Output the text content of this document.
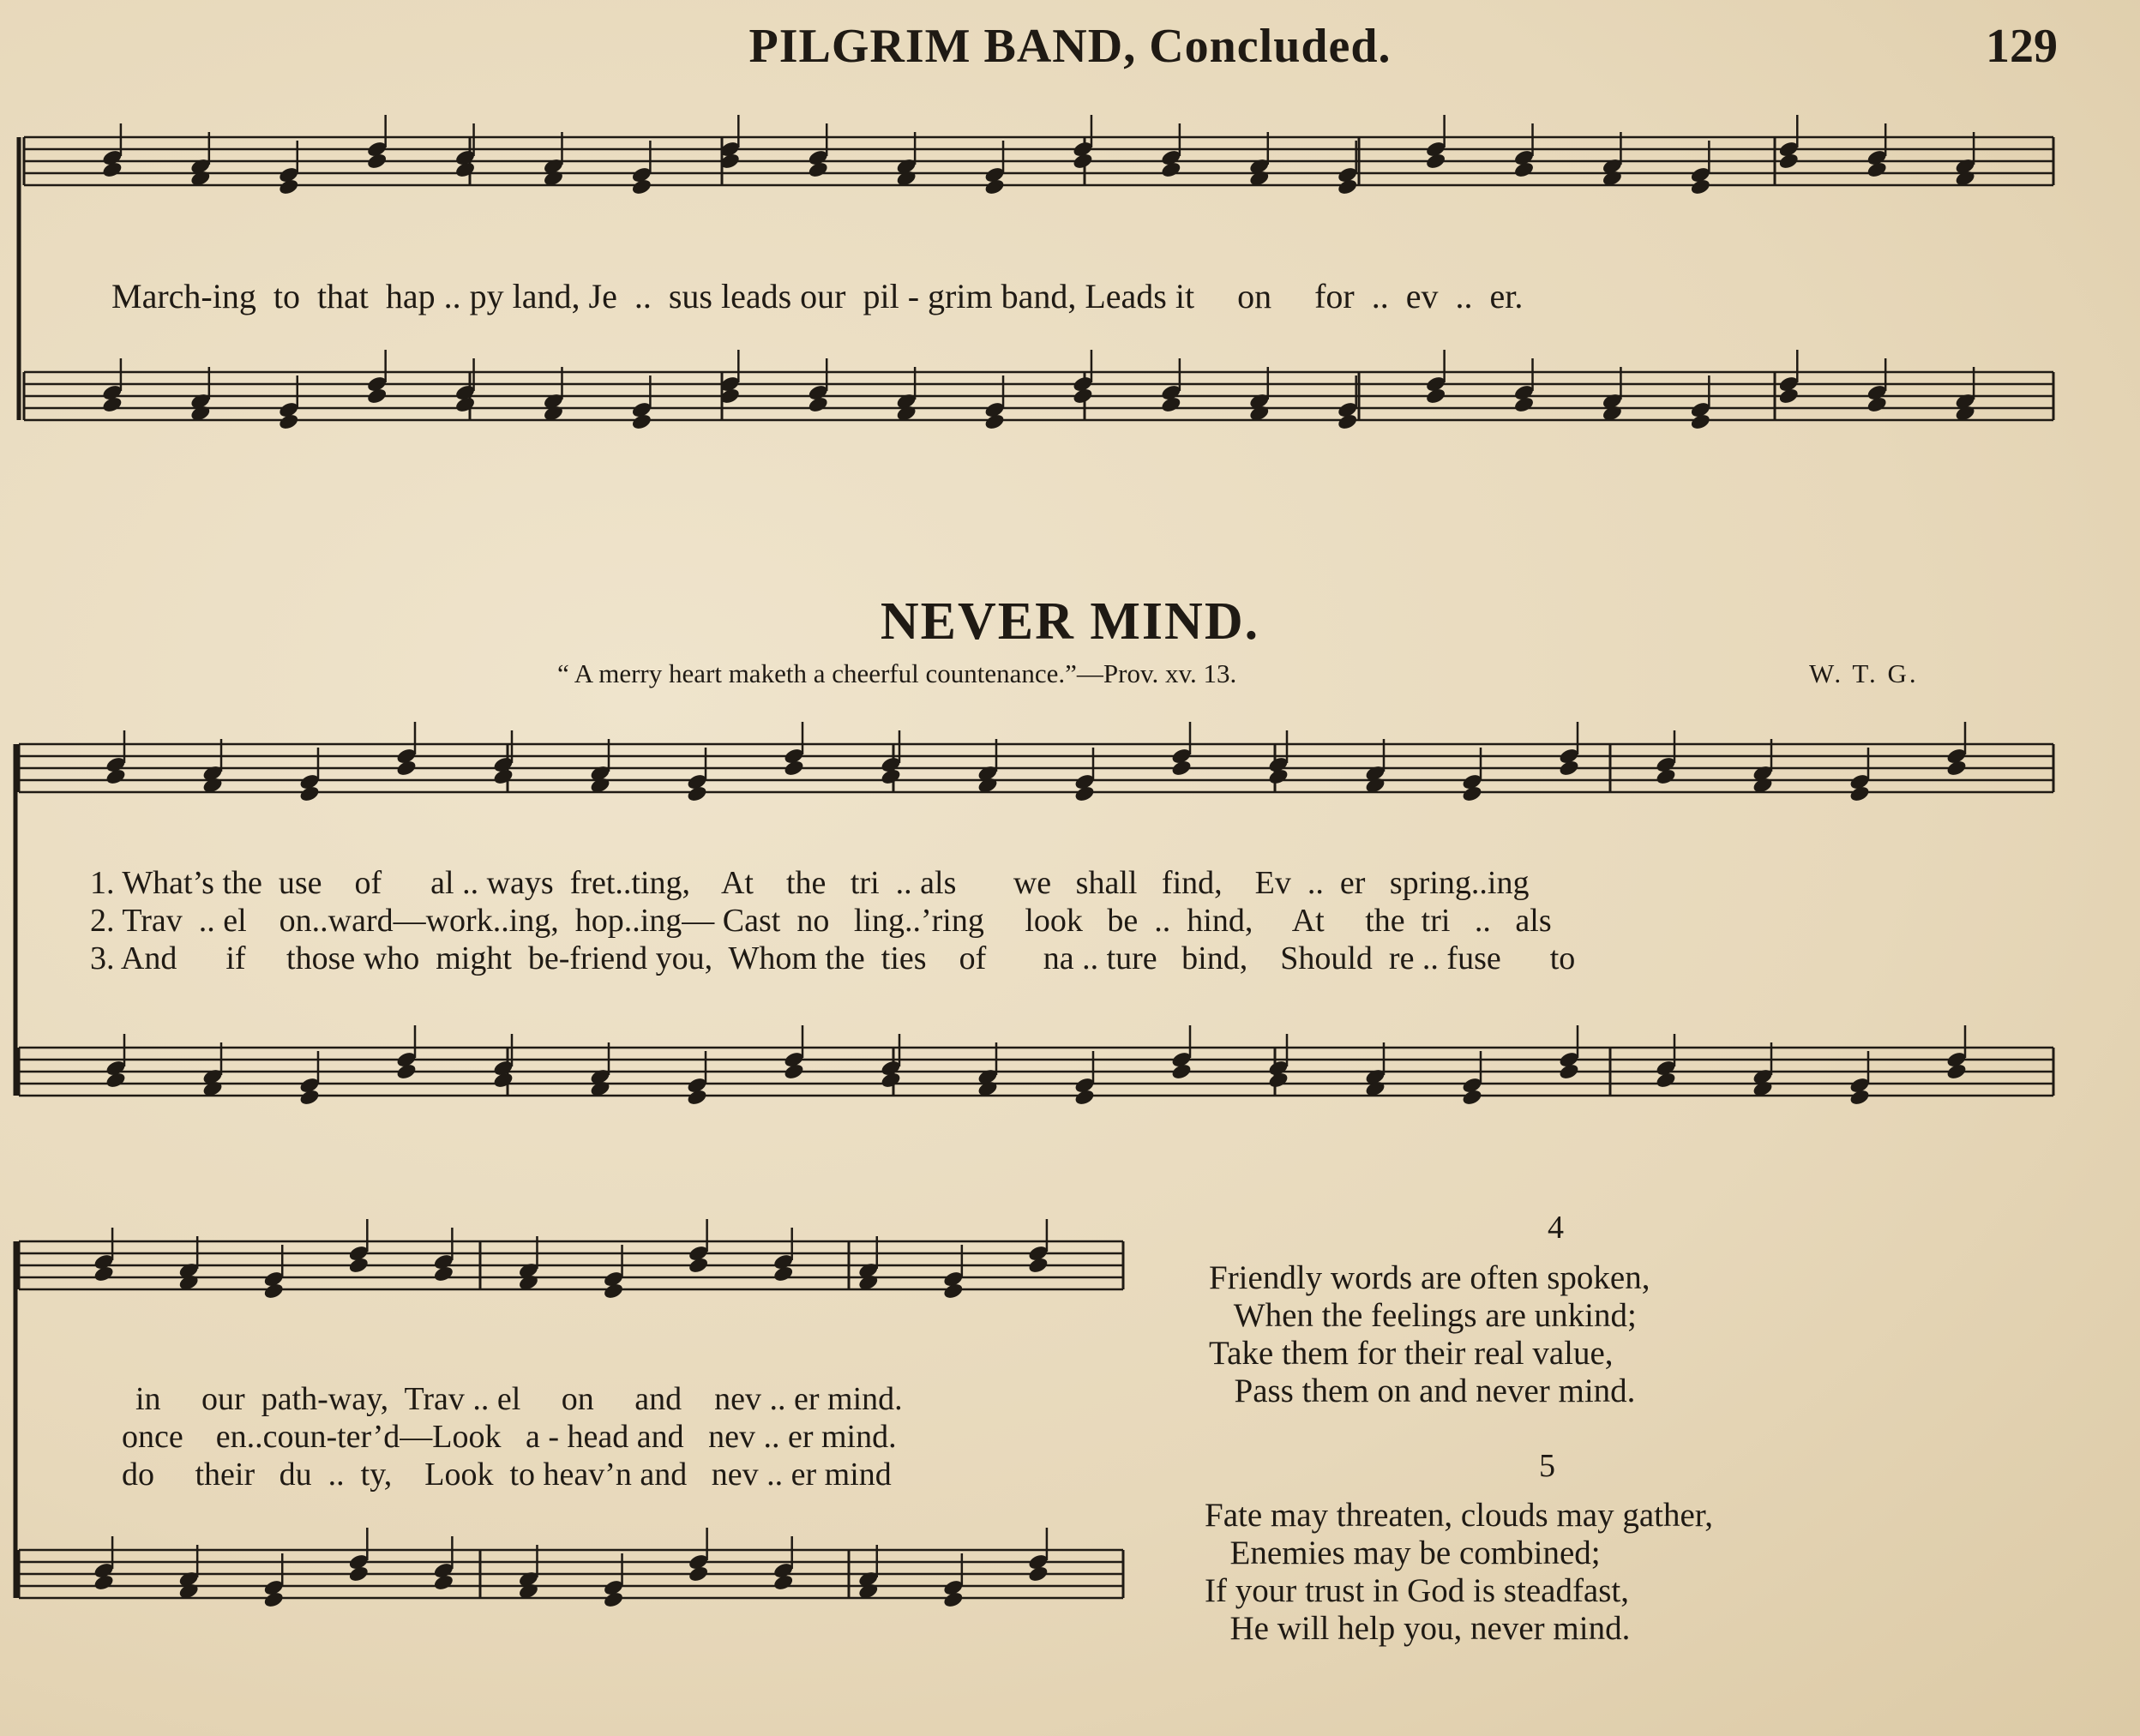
PILGRIM BAND, Concluded.	129
March-ing  to  that  hap .. py land, Je  ..  sus leads our  pil - grim band, Leads it     on     for  ..  ev  ..  er.
NEVER MIND.
“ A merry heart maketh a cheerful countenance.”—Prov. xv. 13.	W. T. G.
1. What’s the  use    of      al .. ways  fret..ting,    At    the   tri  .. als       we   shall   find,    Ev  ..  er   spring..ing
2. Trav  .. el    on..ward—work..ing,  hop..ing— Cast  no   ling..’ring     look   be  ..  hind,     At     the  tri   ..   als
3. And      if     those who  might  be-friend you,  Whom the  ties    of       na .. ture   bind,    Should  re .. fuse      to
in     our  path-way,  Trav .. el     on     and    nev .. er mind.
once    en..coun-ter’d—Look   a - head and   nev .. er mind.
do     their   du  ..  ty,    Look  to heav’n and   nev .. er mind
4
Friendly words are often spoken,
When the feelings are unkind;
Take them for their real value,
Pass them on and never mind.
5
Fate may threaten, clouds may gather,
Enemies may be combined;
If your trust in God is steadfast,
He will help you, never mind.
